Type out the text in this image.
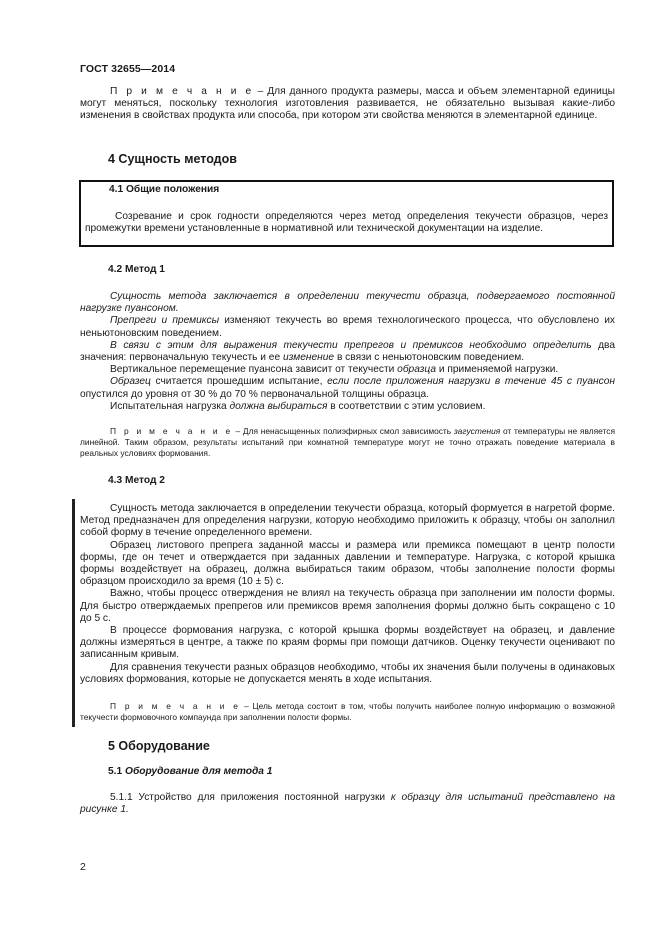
ГОСТ 32655—2014

П р и м е ч а н и е – Для данного продукта размеры, масса и объем элементарной единицы могут меняться, поскольку технология изготовления развивается, не обязательно вызывая какие-либо изменения в свойствах продукта или способа, при котором эти свойства меняются в элементарной единице.

4 Сущность методов
4.1 Общие положения

Созревание и срок годности определяются через метод определения текучести образцов, через промежутки времени установленные в нормативной или технической документации на изделие.

4.2 Метод 1

Сущность метода заключается в определении текучести образца, подвергаемого постоянной нагрузке пуансоном.

Препреги и премиксы изменяют текучесть во время технологического процесса, что обусловлено их неньютоновским поведением.

В связи с этим для выражения текучести препрегов и премиксов необходимо определить два значения: первоначальную текучесть и ее изменение в связи с неньютоновским поведением.

Вертикальное перемещение пуансона зависит от текучести образца и применяемой нагрузки.

Образец считается прошедшим испытание, если после приложения нагрузки в течение 45 с пуансон опустился до уровня от 30 % до 70 % первоначальной толщины образца.

Испытательная нагрузка должна выбираться в соответствии с этим условием.

П р и м е ч а н и е – Для ненасыщенных полиэфирных смол зависимость загустения от температуры не является линейной. Таким образом, результаты испытаний при комнатной температуре могут не точно отражать поведение материала в реальных условиях формования.

4.3 Метод 2

Сущность метода заключается в определении текучести образца, который формуется в нагретой форме. Метод предназначен для определения нагрузки, которую необходимо приложить к образцу, чтобы он заполнил собой форму в течение определенного времени.

Образец листового препрега заданной массы и размера или премикса помещают в центр полости формы, где он течет и отверждается при заданных давлении и температуре. Нагрузка, с которой крышка формы воздействует на образец, должна выбираться таким образом, чтобы заполнение полости формы образцом происходило за время (10 ± 5) с.

Важно, чтобы процесс отверждения не влиял на текучесть образца при заполнении им полости формы. Для быстро отверждаемых препрегов или премиксов время заполнения формы должно быть сокращено с 10 до 5 с.

В процессе формования нагрузка, с которой крышка формы воздействует на образец, и давление должны измеряться в центре, а также по краям формы при помощи датчиков. Оценку текучести оценивают по записанным кривым.

Для сравнения текучести разных образцов необходимо, чтобы их значения были получены в одинаковых условиях формования, которые не допускается менять в ходе испытания.

П р и м е ч а н и е – Цель метода состоит в том, чтобы получить наиболее полную информацию о возможной текучести формовочного компаунда при заполнении полости формы.

5 Оборудование
5.1 Оборудование для метода 1

5.1.1 Устройство для приложения постоянной нагрузки к образцу для испытаний представлено на рисунке 1.

2
